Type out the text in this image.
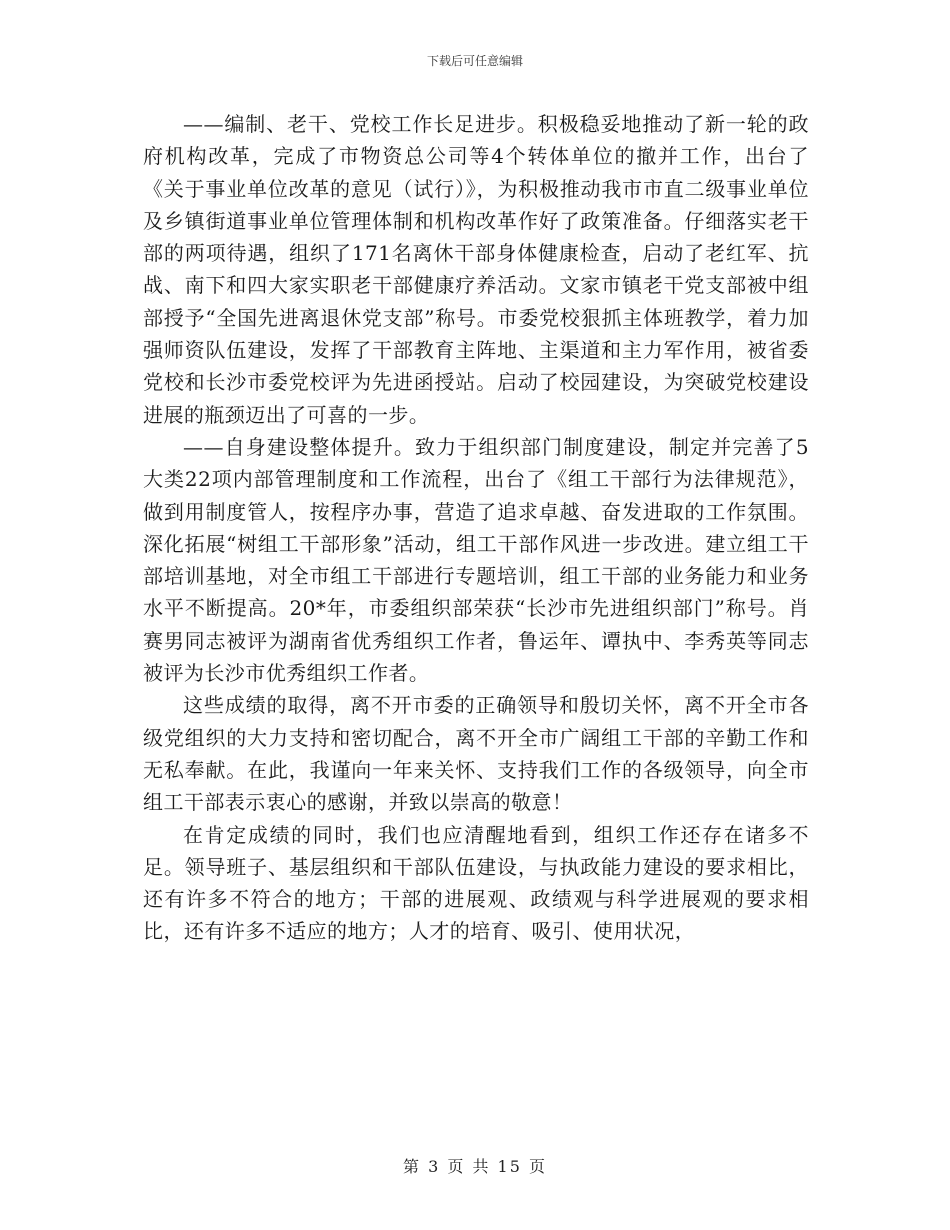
下载后可任意编辑

——编制、老干、党校工作长足进步。积极稳妥地推动了新一轮的政府机构改革，完成了市物资总公司等4个转体单位的撤并工作，出台了《关于事业单位改革的意见（试行）》，为积极推动我市市直二级事业单位及乡镇街道事业单位管理体制和机构改革作好了政策准备。仔细落实老干部的两项待遇，组织了171名离休干部身体健康检查，启动了老红军、抗战、南下和四大家实职老干部健康疗养活动。文家市镇老干党支部被中组部授予“全国先进离退休党支部”称号。市委党校狠抓主体班教学，着力加强师资队伍建设，发挥了干部教育主阵地、主渠道和主力军作用，被省委党校和长沙市委党校评为先进函授站。启动了校园建设，为突破党校建设进展的瓶颈迈出了可喜的一步。

——自身建设整体提升。致力于组织部门制度建设，制定并完善了5大类22项内部管理制度和工作流程，出台了《组工干部行为法律规范》，做到用制度管人，按程序办事，营造了追求卓越、奋发进取的工作氛围。深化拓展“树组工干部形象”活动，组工干部作风进一步改进。建立组工干部培训基地，对全市组工干部进行专题培训，组工干部的业务能力和业务水平不断提高。20*年，市委组织部荣获“长沙市先进组织部门”称号。肖赛男同志被评为湖南省优秀组织工作者，鲁运年、谭执中、李秀英等同志被评为长沙市优秀组织工作者。

这些成绩的取得，离不开市委的正确领导和殷切关怀，离不开全市各级党组织的大力支持和密切配合，离不开全市广阔组工干部的辛勤工作和无私奉献。在此，我谨向一年来关怀、支持我们工作的各级领导，向全市组工干部表示衷心的感谢，并致以崇高的敬意！

在肯定成绩的同时，我们也应清醒地看到，组织工作还存在诸多不足。领导班子、基层组织和干部队伍建设，与执政能力建设的要求相比，还有许多不符合的地方；干部的进展观、政绩观与科学进展观的要求相比，还有许多不适应的地方；人才的培育、吸引、使用状况，

第 3 页 共 15 页
